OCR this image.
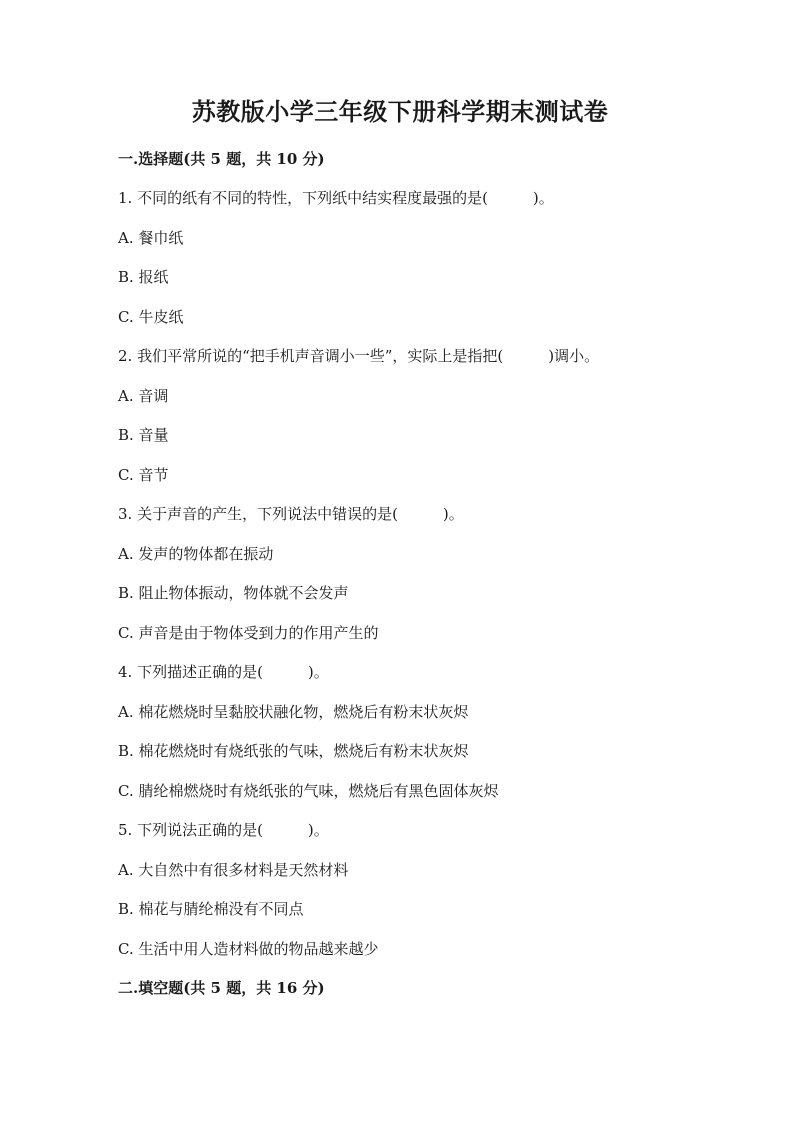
苏教版小学三年级下册科学期末测试卷
一.选择题(共 5 题，共 10 分)
1. 不同的纸有不同的特性，下列纸中结实程度最强的是(　　　)。
A. 餐巾纸
B. 报纸
C. 牛皮纸
2. 我们平常所说的“把手机声音调小一些”，实际上是指把(　　　)调小。
A. 音调
B. 音量
C. 音节
3. 关于声音的产生，下列说法中错误的是(　　　)。
A. 发声的物体都在振动
B. 阻止物体振动，物体就不会发声
C. 声音是由于物体受到力的作用产生的
4. 下列描述正确的是(　　　)。
A. 棉花燃烧时呈黏胶状融化物，燃烧后有粉末状灰烬
B. 棉花燃烧时有烧纸张的气味，燃烧后有粉末状灰烬
C. 腈纶棉燃烧时有烧纸张的气味，燃烧后有黑色固体灰烬
5. 下列说法正确的是(　　　)。
A. 大自然中有很多材料是天然材料
B. 棉花与腈纶棉没有不同点
C. 生活中用人造材料做的物品越来越少
二.填空题(共 5 题，共 16 分)
